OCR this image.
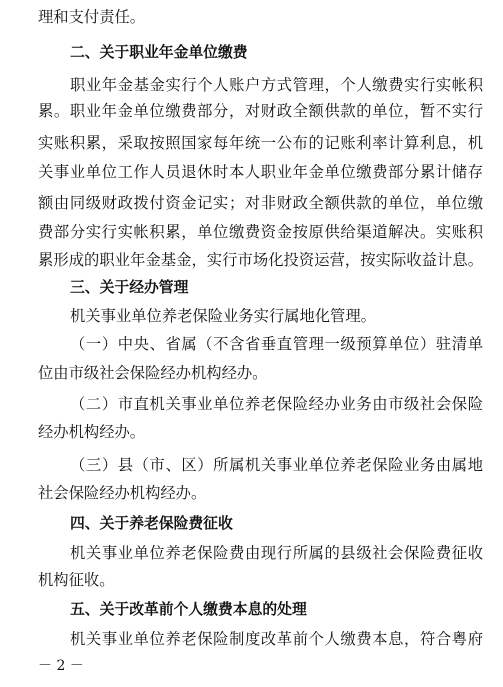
理和支付责任。
二、关于职业年金单位缴费
职业年金基金实行个人账户方式管理，个人缴费实行实帐积
累。职业年金单位缴费部分，对财政全额供款的单位，暂不实行
实账积累，采取按照国家每年统一公布的记账利率计算利息，机
关事业单位工作人员退休时本人职业年金单位缴费部分累计储存
额由同级财政拨付资金记实；对非财政全额供款的单位，单位缴
费部分实行实帐积累，单位缴费资金按原供给渠道解决。实账积
累形成的职业年金基金，实行市场化投资运营，按实际收益计息。
三、关于经办管理
机关事业单位养老保险业务实行属地化管理。
（一）中央、省属（不含省垂直管理一级预算单位）驻清单
位由市级社会保险经办机构经办。
（二）市直机关事业单位养老保险经办业务由市级社会保险
经办机构经办。
（三）县（市、区）所属机关事业单位养老保险业务由属地
社会保险经办机构经办。
四、关于养老保险费征收
机关事业单位养老保险费由现行所属的县级社会保险费征收
机构征收。
五、关于改革前个人缴费本息的处理
机关事业单位养老保险制度改革前个人缴费本息，符合粤府
－ 2 －
